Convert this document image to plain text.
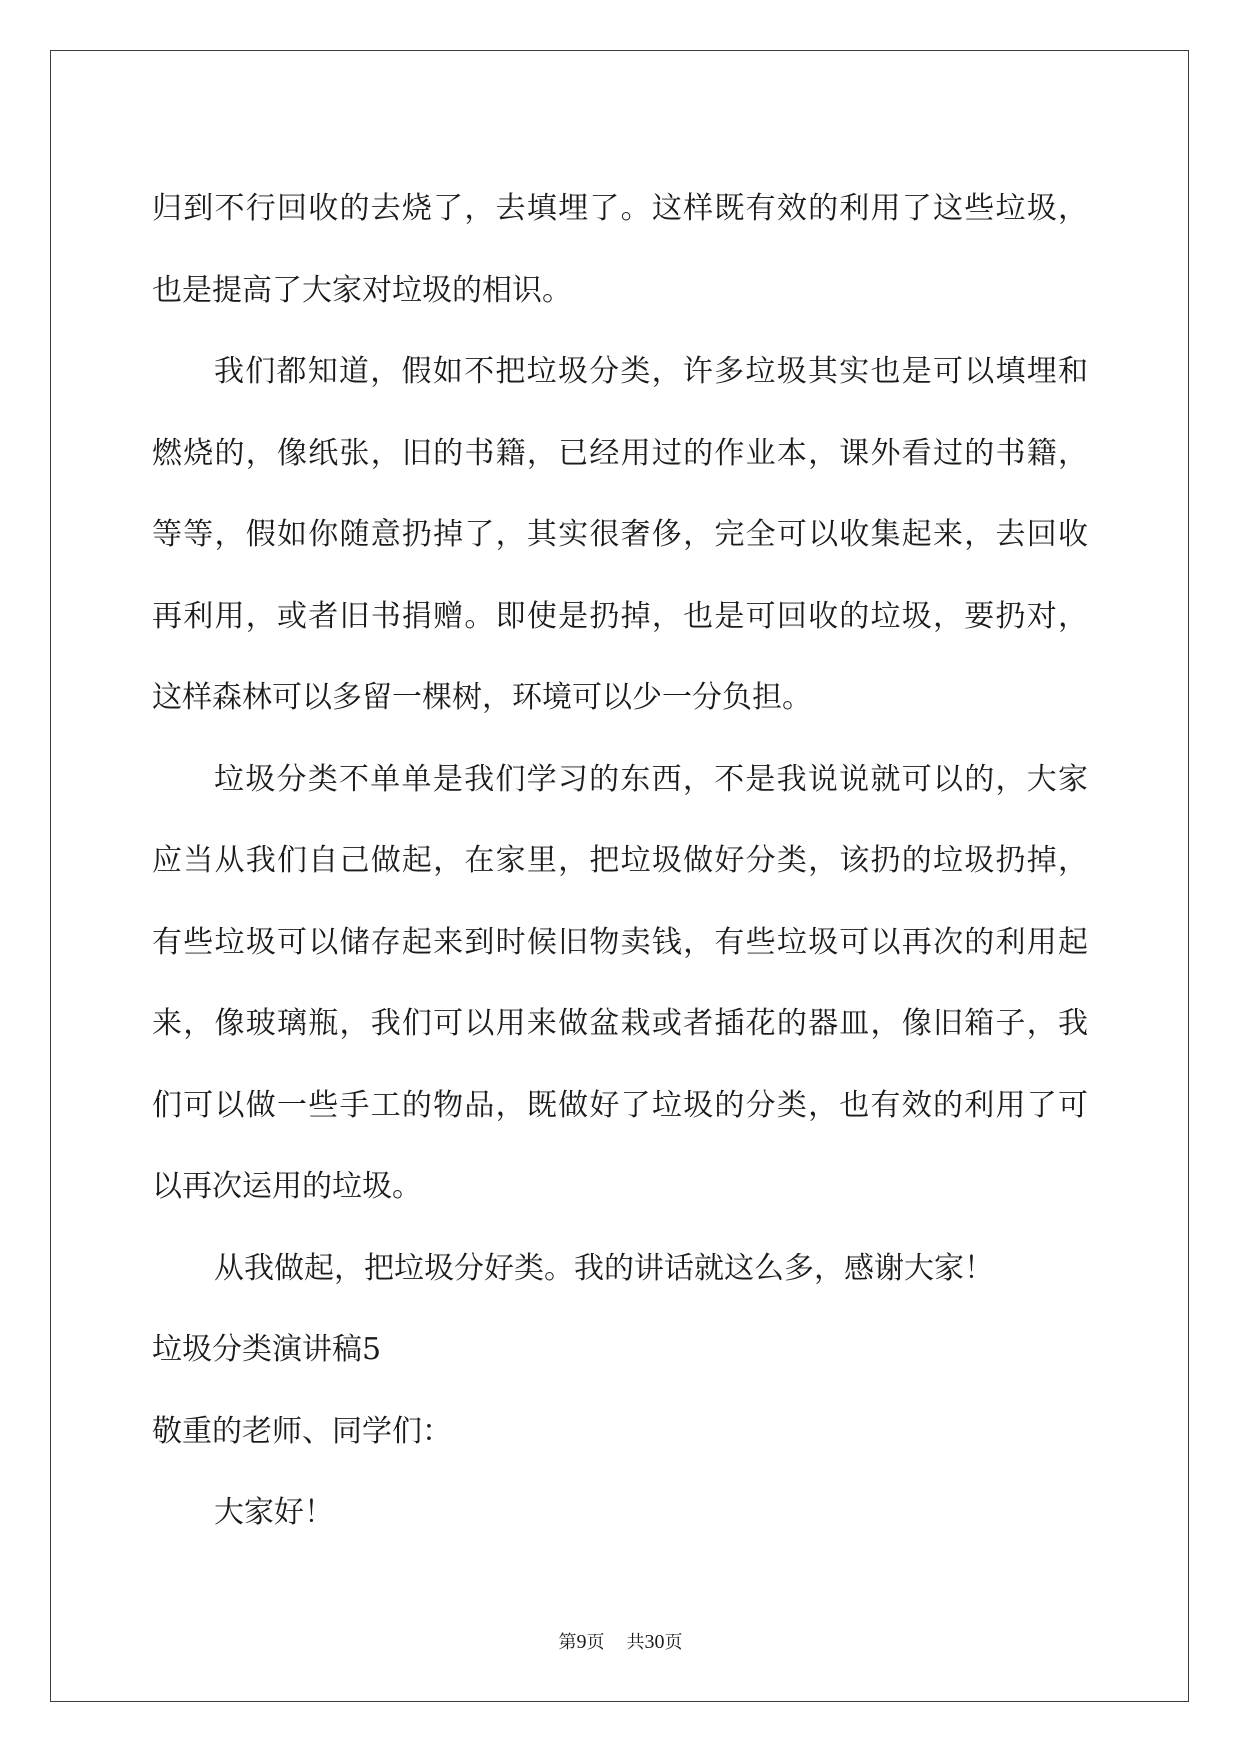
归到不行回收的去烧了，去填埋了。这样既有效的利用了这些垃圾，
也是提高了大家对垃圾的相识。
我们都知道，假如不把垃圾分类，许多垃圾其实也是可以填埋和
燃烧的，像纸张，旧的书籍，已经用过的作业本，课外看过的书籍，
等等，假如你随意扔掉了，其实很奢侈，完全可以收集起来，去回收
再利用，或者旧书捐赠。即使是扔掉，也是可回收的垃圾，要扔对，
这样森林可以多留一棵树，环境可以少一分负担。
垃圾分类不单单是我们学习的东西，不是我说说就可以的，大家
应当从我们自己做起，在家里，把垃圾做好分类，该扔的垃圾扔掉，
有些垃圾可以储存起来到时候旧物卖钱，有些垃圾可以再次的利用起
来，像玻璃瓶，我们可以用来做盆栽或者插花的器皿，像旧箱子，我
们可以做一些手工的物品，既做好了垃圾的分类，也有效的利用了可
以再次运用的垃圾。
从我做起，把垃圾分好类。我的讲话就这么多，感谢大家！
垃圾分类演讲稿5
敬重的老师、同学们：
大家好！
第9页 共30页
